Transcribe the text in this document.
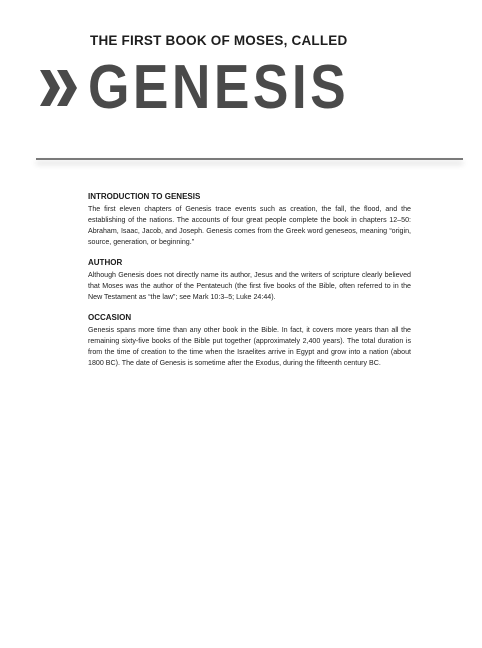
THE FIRST BOOK OF MOSES, CALLED
GENESIS
INTRODUCTION TO GENESIS

The first eleven chapters of Genesis trace events such as creation, the fall, the flood, and the establishing of the nations. The accounts of four great people complete the book in chapters 12–50: Abraham, Isaac, Jacob, and Joseph. Genesis comes from the Greek word geneseos, meaning “origin, source, generation, or beginning.”

AUTHOR

Although Genesis does not directly name its author, Jesus and the writers of scripture clearly believed that Moses was the author of the Pentateuch (the first five books of the Bible, often referred to in the New Testament as “the law”; see Mark 10:3–5; Luke 24:44).

OCCASION

Genesis spans more time than any other book in the Bible. In fact, it covers more years than all the remaining sixty-five books of the Bible put together (approximately 2,400 years). The total duration is from the time of creation to the time when the Israelites arrive in Egypt and grow into a nation (about 1800 BC). The date of Genesis is sometime after the Exodus, during the fifteenth century BC.
